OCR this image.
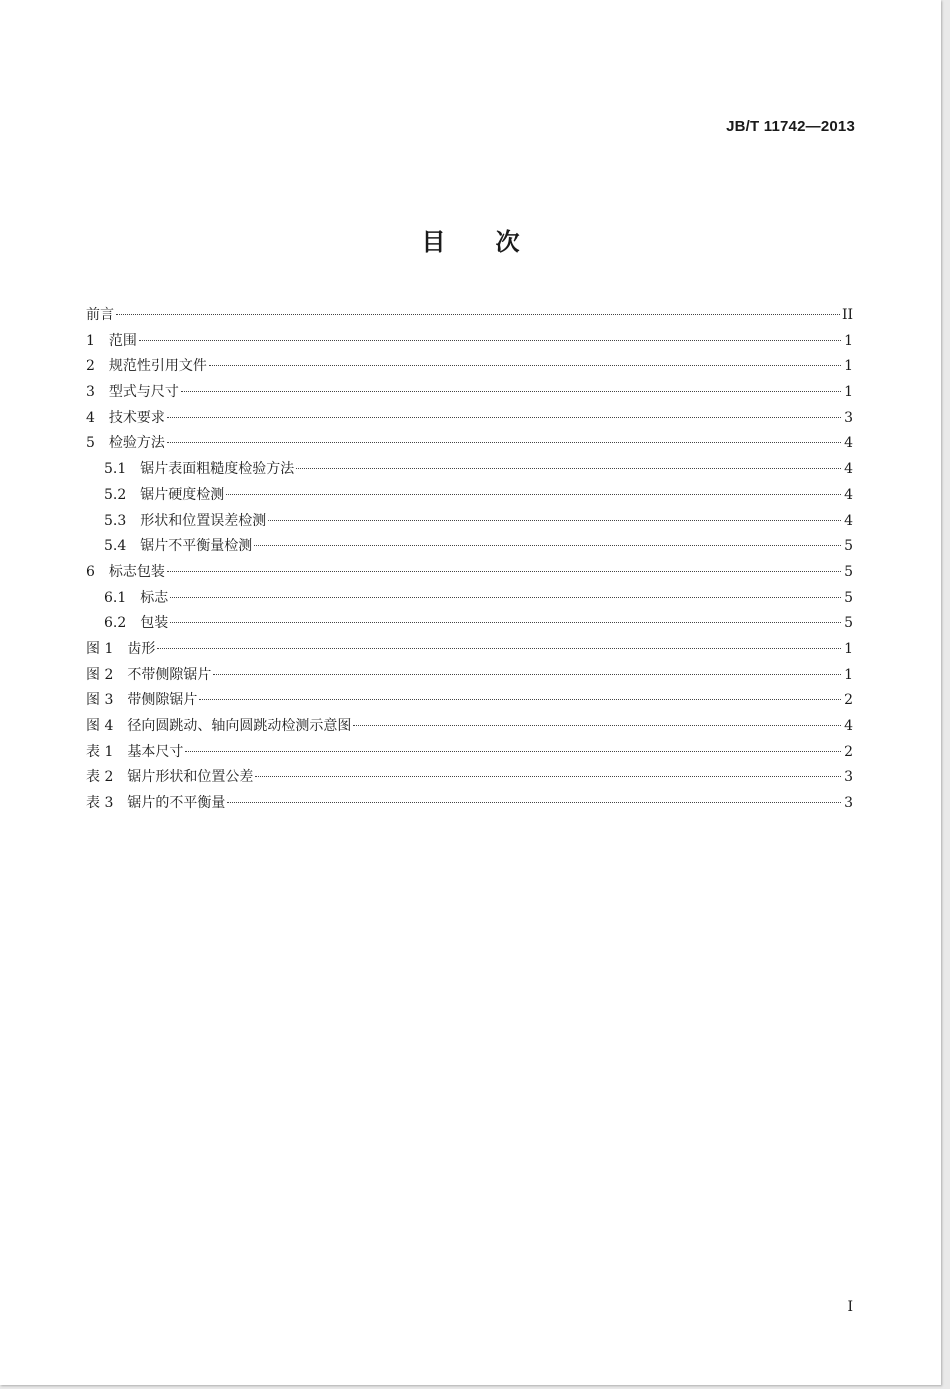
JB/T 11742—2013
目 次
前言	II
1 范围	1
2 规范性引用文件	1
3 型式与尺寸	1
4 技术要求	3
5 检验方法	4
5.1 锯片表面粗糙度检验方法	4
5.2 锯片硬度检测	4
5.3 形状和位置误差检测	4
5.4 锯片不平衡量检测	5
6 标志包装	5
6.1 标志	5
6.2 包装	5
图 1 齿形	1
图 2 不带侧隙锯片	1
图 3 带侧隙锯片	2
图 4 径向圆跳动、轴向圆跳动检测示意图	4
表 1 基本尺寸	2
表 2 锯片形状和位置公差	3
表 3 锯片的不平衡量	3
I
